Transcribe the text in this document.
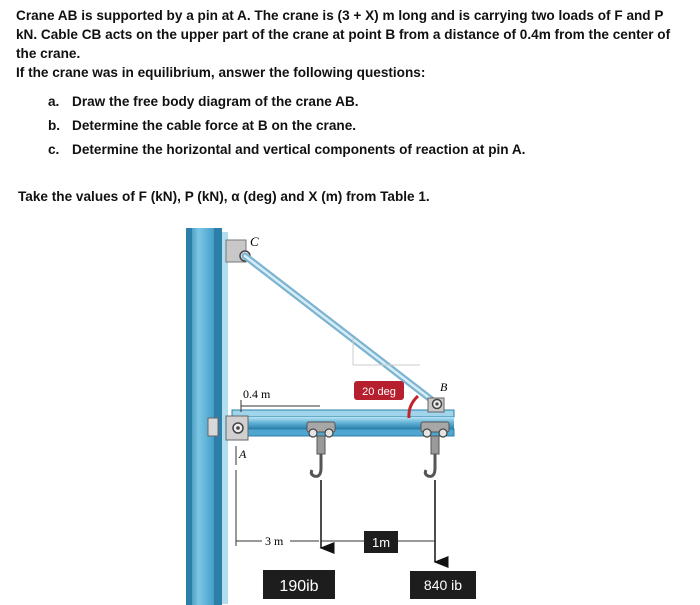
Crane AB is supported by a pin at A. The crane is (3 + X) m long and is carrying two loads of F and P kN. Cable CB acts on the upper part of the crane at point B from a distance of 0.4m from the center of the crane.

If the crane was in equilibrium, answer the following questions:

a. Draw the free body diagram of the crane AB.
b. Determine the cable force at B on the crane.
c. Determine the horizontal and vertical components of reaction at pin A.
Take the values of F (kN), P (kN), α (deg) and X (m) from Table 1.
C
A
B
20 deg
0.4 m
3 m	1m
190ib	840 ib
